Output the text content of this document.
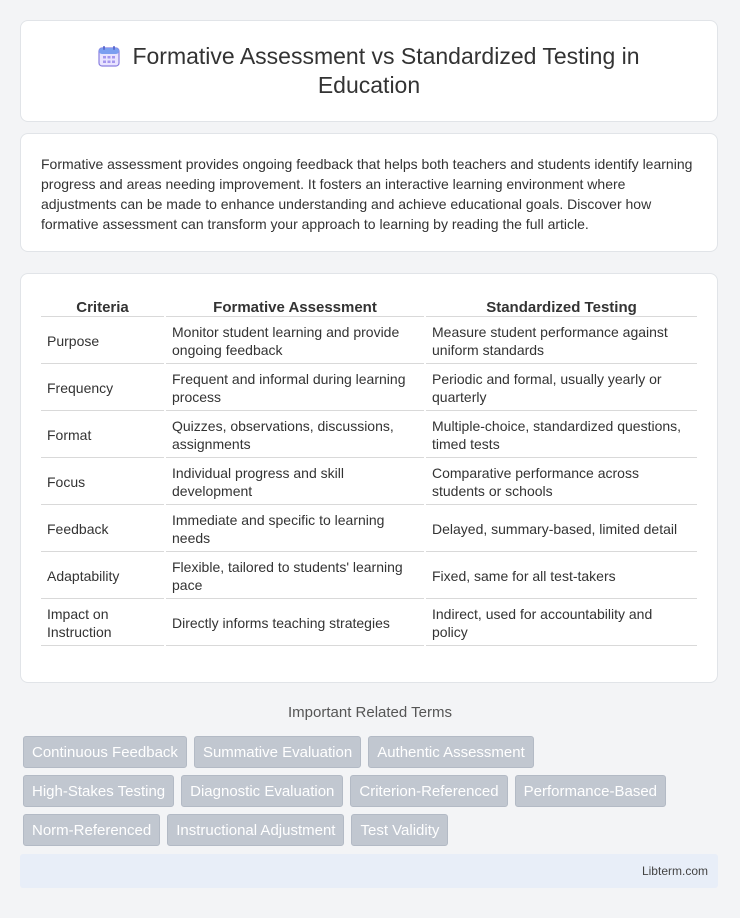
Formative Assessment vs Standardized Testing in Education

Formative assessment provides ongoing feedback that helps both teachers and students identify learning progress and areas needing improvement. It fosters an interactive learning environment where adjustments can be made to enhance understanding and achieve educational goals. Discover how formative assessment can transform your approach to learning by reading the full article.

Criteria	Formative Assessment	Standardized Testing
Purpose	Monitor student learning and provide ongoing feedback	Measure student performance against uniform standards
Frequency	Frequent and informal during learning process	Periodic and formal, usually yearly or quarterly
Format	Quizzes, observations, discussions, assignments	Multiple-choice, standardized questions, timed tests
Focus	Individual progress and skill development	Comparative performance across students or schools
Feedback	Immediate and specific to learning needs	Delayed, summary-based, limited detail
Adaptability	Flexible, tailored to students' learning pace	Fixed, same for all test-takers
Impact on Instruction	Directly informs teaching strategies	Indirect, used for accountability and policy
Important Related Terms
Continuous Feedback	Summative Evaluation	Authentic Assessment
High-Stakes Testing	Diagnostic Evaluation	Criterion-Referenced	Performance-Based
Norm-Referenced	Instructional Adjustment	Test Validity
Libterm.com
